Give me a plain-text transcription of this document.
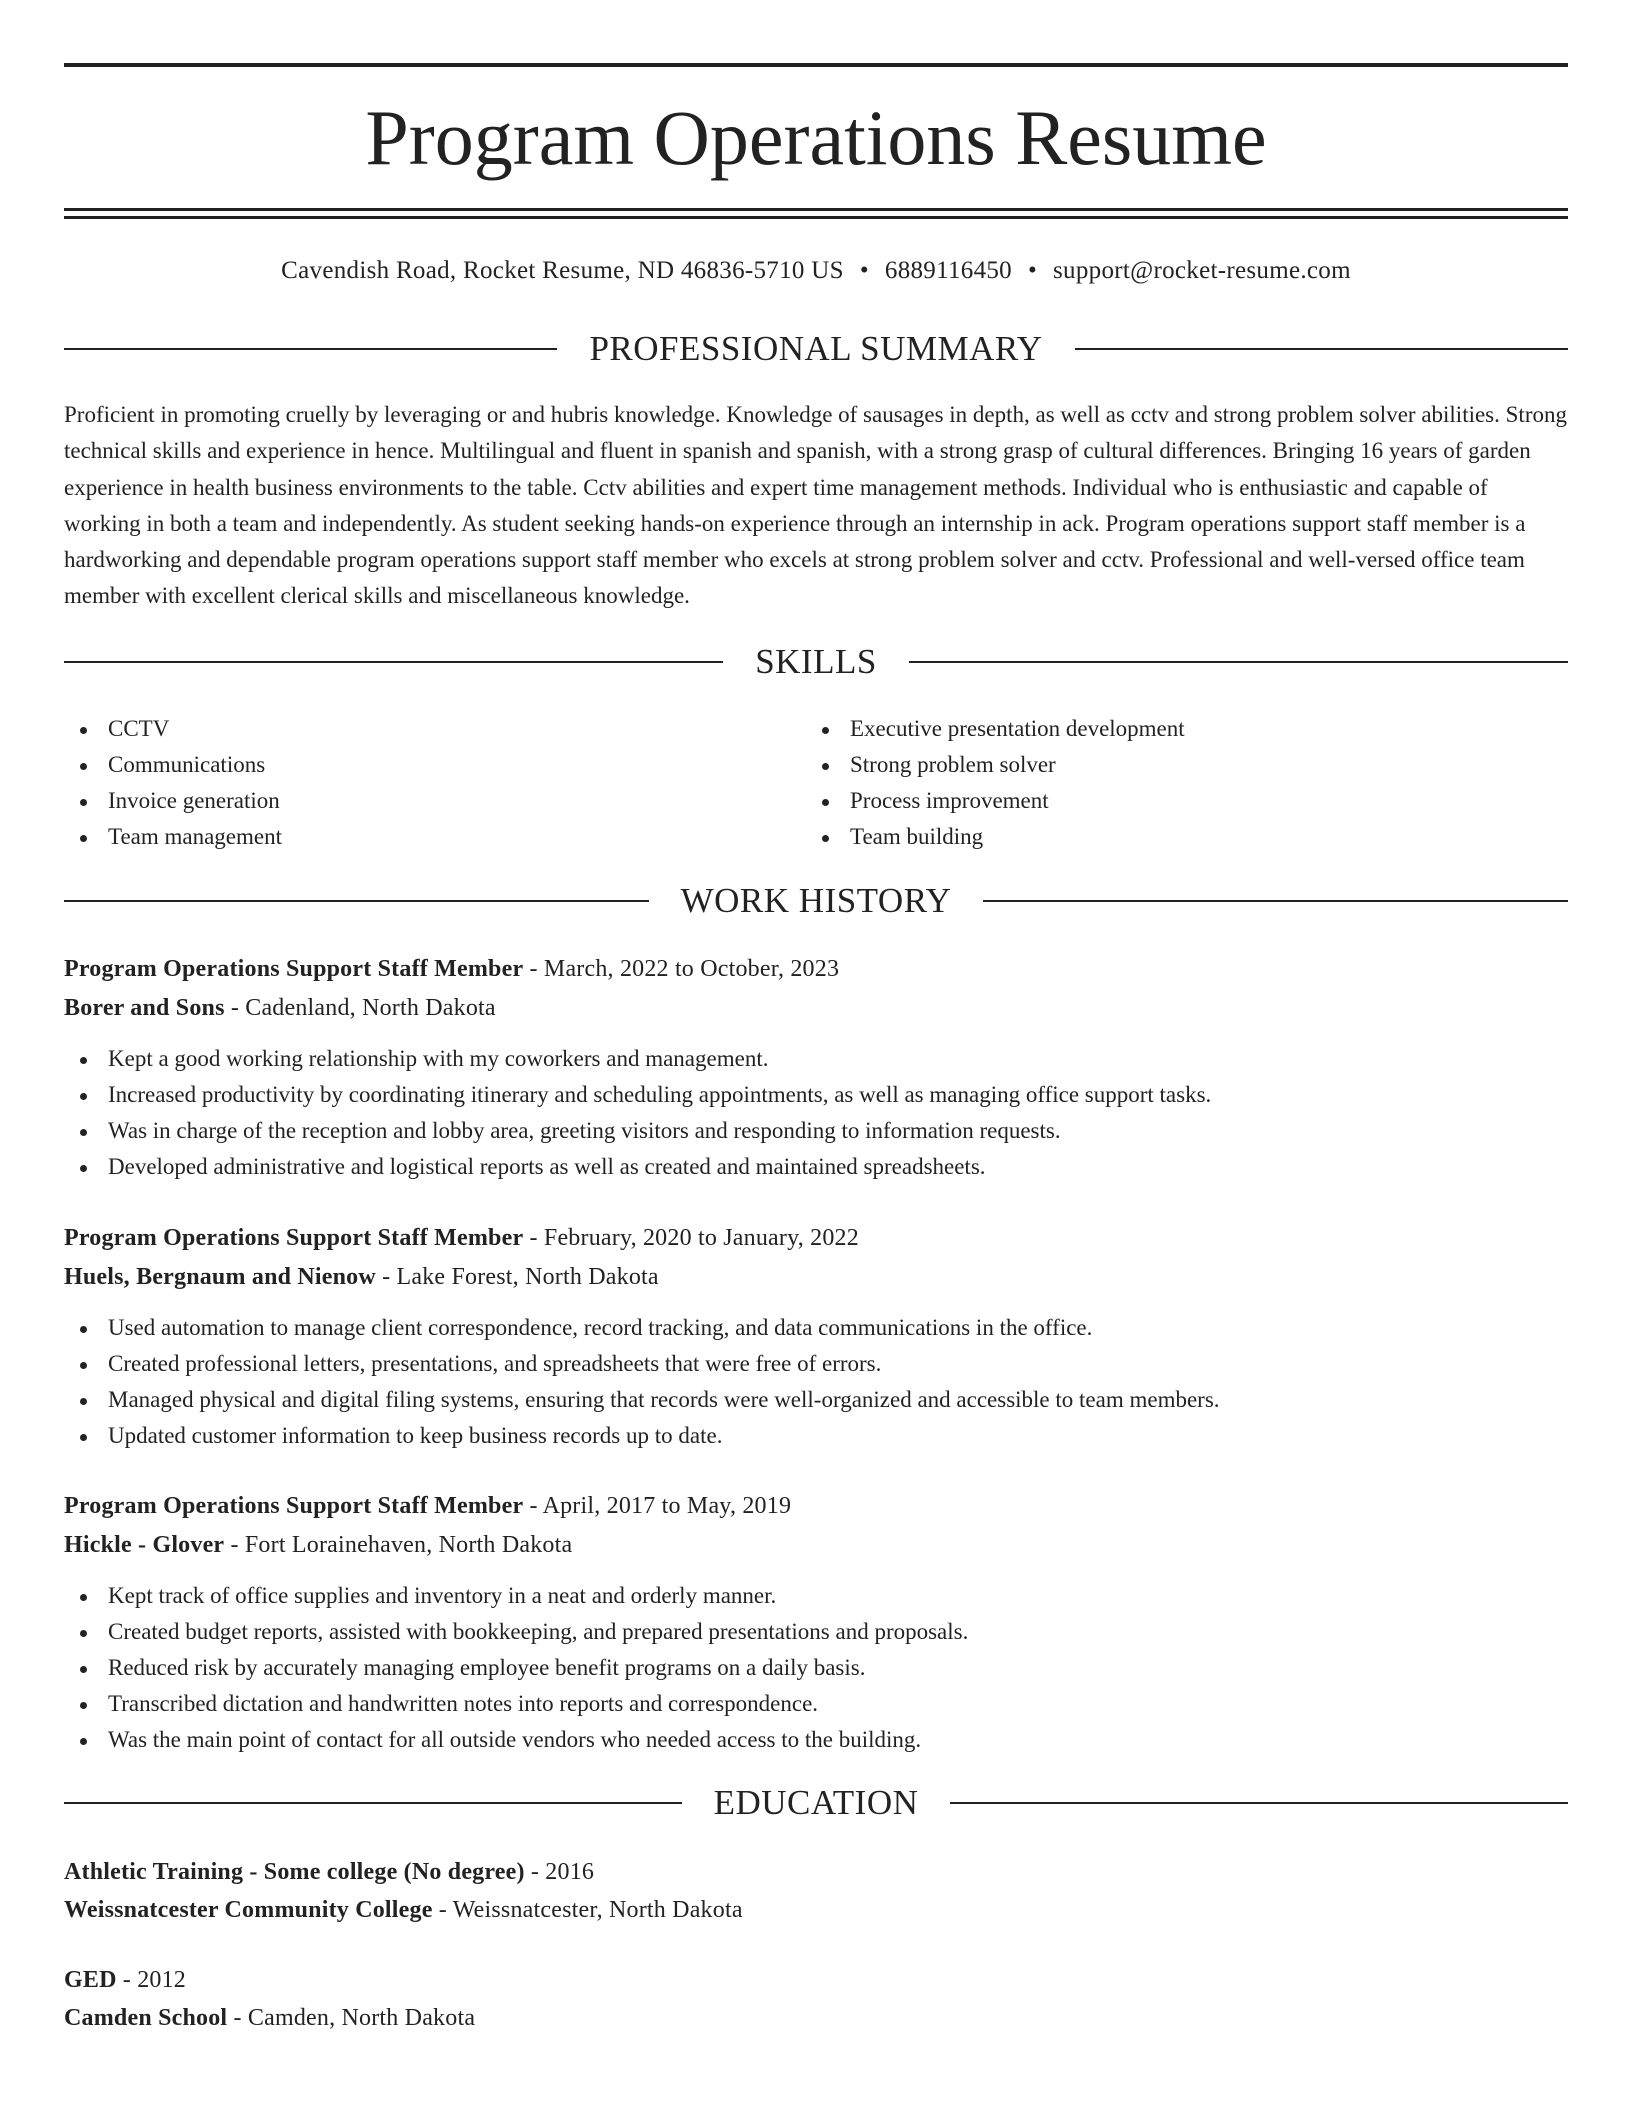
Program Operations Resume
Cavendish Road, Rocket Resume, ND 46836-5710 US • 6889116450 • support@rocket-resume.com
PROFESSIONAL SUMMARY

Proficient in promoting cruelly by leveraging or and hubris knowledge. Knowledge of sausages in depth, as well as cctv and strong problem solver abilities. Strong technical skills and experience in hence. Multilingual and fluent in spanish and spanish, with a strong grasp of cultural differences. Bringing 16 years of garden experience in health business environments to the table. Cctv abilities and expert time management methods. Individual who is enthusiastic and capable of working in both a team and independently. As student seeking hands-on experience through an internship in ack. Program operations support staff member is a hardworking and dependable program operations support staff member who excels at strong problem solver and cctv. Professional and well-versed office team member with excellent clerical skills and miscellaneous knowledge.

SKILLS
CCTV
Communications
Invoice generation
Team management
Executive presentation development
Strong problem solver
Process improvement
Team building
WORK HISTORY
Program Operations Support Staff Member - March, 2022 to October, 2023
Borer and Sons - Cadenland, North Dakota
Kept a good working relationship with my coworkers and management.
Increased productivity by coordinating itinerary and scheduling appointments, as well as managing office support tasks.
Was in charge of the reception and lobby area, greeting visitors and responding to information requests.
Developed administrative and logistical reports as well as created and maintained spreadsheets.
Program Operations Support Staff Member - February, 2020 to January, 2022
Huels, Bergnaum and Nienow - Lake Forest, North Dakota
Used automation to manage client correspondence, record tracking, and data communications in the office.
Created professional letters, presentations, and spreadsheets that were free of errors.
Managed physical and digital filing systems, ensuring that records were well-organized and accessible to team members.
Updated customer information to keep business records up to date.
Program Operations Support Staff Member - April, 2017 to May, 2019
Hickle - Glover - Fort Lorainehaven, North Dakota
Kept track of office supplies and inventory in a neat and orderly manner.
Created budget reports, assisted with bookkeeping, and prepared presentations and proposals.
Reduced risk by accurately managing employee benefit programs on a daily basis.
Transcribed dictation and handwritten notes into reports and correspondence.
Was the main point of contact for all outside vendors who needed access to the building.
EDUCATION
Athletic Training - Some college (No degree) - 2016
Weissnatcester Community College - Weissnatcester, North Dakota
GED - 2012
Camden School - Camden, North Dakota
